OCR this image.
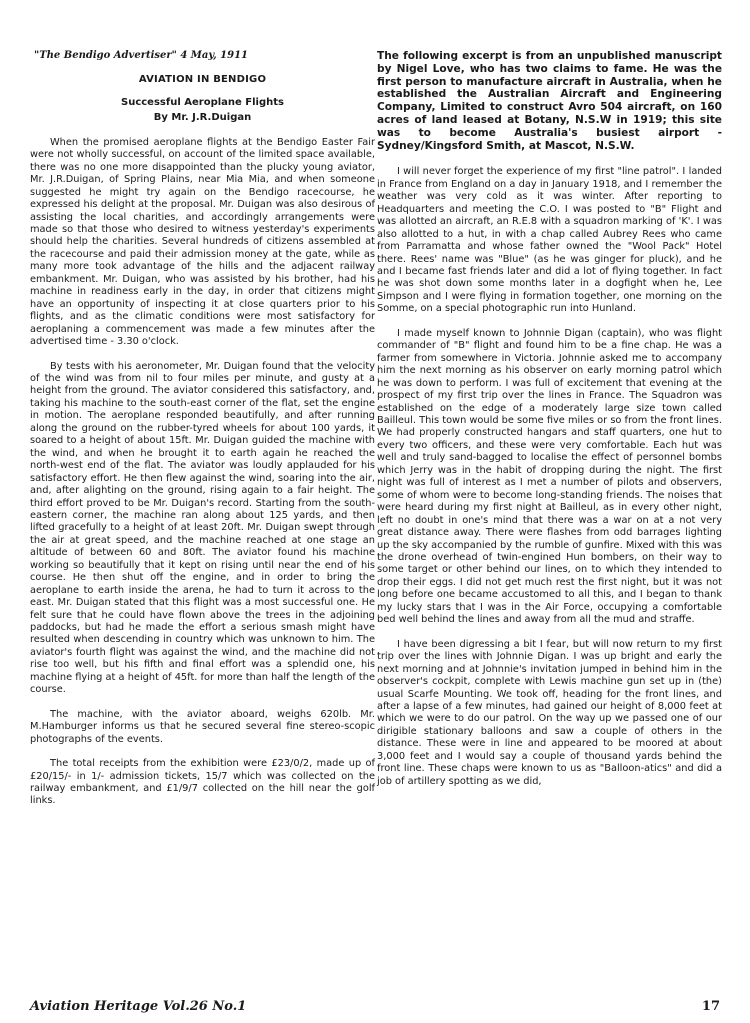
"The Bendigo Advertiser" 4 May, 1911
AVIATION IN BENDIGO
Successful Aeroplane Flights
By Mr. J.R.Duigan

When the promised aeroplane flights at the Bendigo Easter Fair were not wholly successful, on account of the limited space available, there was no one more disappointed than the plucky young aviator, Mr. J.R.Duigan, of Spring Plains, near Mia Mia, and when someone suggested he might try again on the Bendigo racecourse, he expressed his delight at the proposal. Mr. Duigan was also desirous of assisting the local charities, and accordingly arrangements were made so that those who desired to witness yesterday's experiments should help the charities. Several hundreds of citizens assembled at the racecourse and paid their admission money at the gate, while as many more took advantage of the hills and the adjacent railway embankment. Mr. Duigan, who was assisted by his brother, had his machine in readiness early in the day, in order that citizens might have an opportunity of inspecting it at close quarters prior to his flights, and as the climatic conditions were most satisfactory for aeroplaning a commencement was made a few minutes after the advertised time - 3.30 o'clock.

By tests with his aeronometer, Mr. Duigan found that the velocity of the wind was from nil to four miles per minute, and gusty at a height from the ground. The aviator considered this satisfactory, and, taking his machine to the south-east corner of the flat, set the engine in motion. The aeroplane responded beautifully, and after running along the ground on the rubber-tyred wheels for about 100 yards, it soared to a height of about 15ft. Mr. Duigan guided the machine with the wind, and when he brought it to earth again he reached the north-west end of the flat. The aviator was loudly applauded for his satisfactory effort. He then flew against the wind, soaring into the air, and, after alighting on the ground, rising again to a fair height. The third effort proved to be Mr. Duigan's record. Starting from the south-eastern corner, the machine ran along about 125 yards, and then lifted gracefully to a height of at least 20ft. Mr. Duigan swept through the air at great speed, and the machine reached at one stage an altitude of between 60 and 80ft. The aviator found his machine working so beautifully that it kept on rising until near the end of his course. He then shut off the engine, and in order to bring the aeroplane to earth inside the arena, he had to turn it across to the east. Mr. Duigan stated that this flight was a most successful one. He felt sure that he could have flown above the trees in the adjoining paddocks, but had he made the effort a serious smash might have resulted when descending in country which was unknown to him. The aviator's fourth flight was against the wind, and the machine did not rise too well, but his fifth and final effort was a splendid one, his machine flying at a height of 45ft. for more than half the length of the course.

The machine, with the aviator aboard, weighs 620lb. Mr. M.Hamburger informs us that he secured several fine stereo-scopic photographs of the events.

The total receipts from the exhibition were £23/0/2, made up of £20/15/- in 1/- admission tickets, 15/7 which was collected on the railway embankment, and £1/9/7 collected on the hill near the golf links.

The following excerpt is from an unpublished manuscript by Nigel Love, who has two claims to fame. He was the first person to manufacture aircraft in Australia, when he established the Australian Aircraft and Engineering Company, Limited to construct Avro 504 aircraft, on 160 acres of land leased at Botany, N.S.W in 1919; this site was to become Australia's busiest airport - Sydney/Kingsford Smith, at Mascot, N.S.W.

I will never forget the experience of my first "line patrol". I landed in France from England on a day in January 1918, and I remember the weather was very cold as it was winter. After reporting to Headquarters and meeting the C.O. I was posted to "B" Flight and was allotted an aircraft, an R.E.8 with a squadron marking of 'K'. I was also allotted to a hut, in with a chap called Aubrey Rees who came from Parramatta and whose father owned the "Wool Pack" Hotel there. Rees' name was "Blue" (as he was ginger for pluck), and he and I became fast friends later and did a lot of flying together. In fact he was shot down some months later in a dogfight when he, Lee Simpson and I were flying in formation together, one morning on the Somme, on a special photographic run into Hunland.

I made myself known to Johnnie Digan (captain), who was flight commander of "B" flight and found him to be a fine chap. He was a farmer from somewhere in Victoria. Johnnie asked me to accompany him the next morning as his observer on early morning patrol which he was down to perform. I was full of excitement that evening at the prospect of my first trip over the lines in France. The Squadron was established on the edge of a moderately large size town called Bailleul. This town would be some five miles or so from the front lines. We had properly constructed hangars and staff quarters, one hut to every two officers, and these were very comfortable. Each hut was well and truly sand-bagged to localise the effect of personnel bombs which Jerry was in the habit of dropping during the night. The first night was full of interest as I met a number of pilots and observers, some of whom were to become long-standing friends. The noises that were heard during my first night at Bailleul, as in every other night, left no doubt in one's mind that there was a war on at a not very great distance away. There were flashes from odd barrages lighting up the sky accompanied by the rumble of gunfire. Mixed with this was the drone overhead of twin-engined Hun bombers, on their way to some target or other behind our lines, on to which they intended to drop their eggs. I did not get much rest the first night, but it was not long before one became accustomed to all this, and I began to thank my lucky stars that I was in the Air Force, occupying a comfortable bed well behind the lines and away from all the mud and straffe.

I have been digressing a bit I fear, but will now return to my first trip over the lines with Johnnie Digan. I was up bright and early the next morning and at Johnnie's invitation jumped in behind him in the observer's cockpit, complete with Lewis machine gun set up in (the) usual Scarfe Mounting. We took off, heading for the front lines, and after a lapse of a few minutes, had gained our height of 8,000 feet at which we were to do our patrol. On the way up we passed one of our dirigible stationary balloons and saw a couple of others in the distance. These were in line and appeared to be moored at about 3,000 feet and I would say a couple of thousand yards behind the front line. These chaps were known to us as "Balloon-atics" and did a job of artillery spotting as we did,

Aviation Heritage Vol.26 No.1	17
